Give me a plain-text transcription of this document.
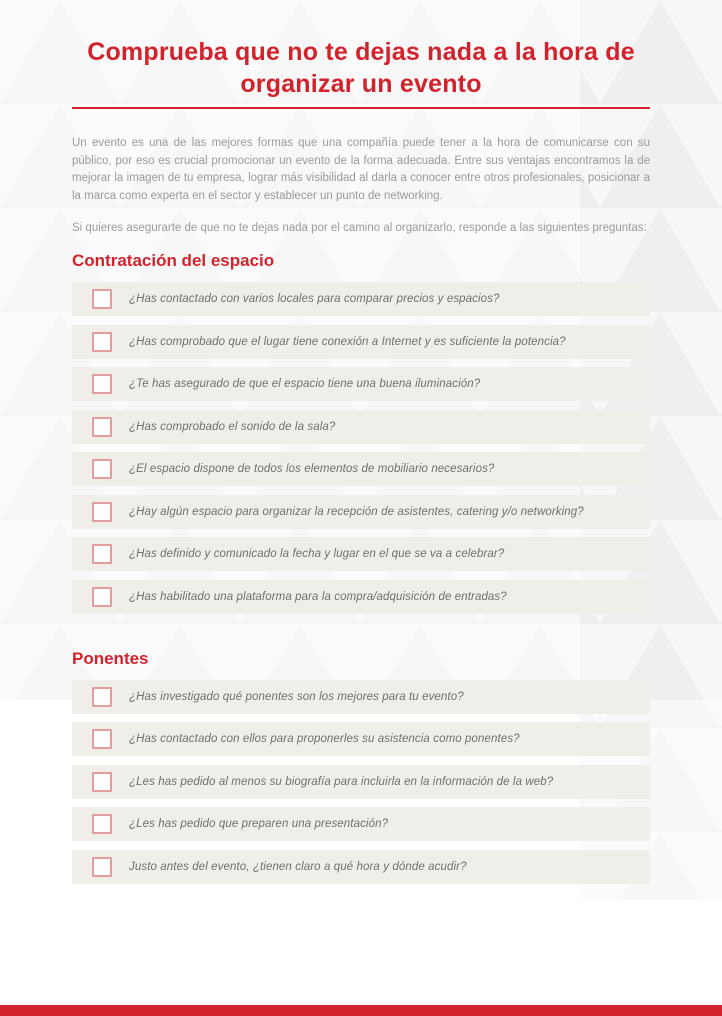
Comprueba que no te dejas nada a la hora de organizar un evento

Un evento es una de las mejores formas que una compañía puede tener a la hora de comunicarse con su público, por eso es crucial promocionar un evento de la forma adecuada. Entre sus ventajas encontramos la de mejorar la imagen de tu empresa, lograr más visibilidad al darla a conocer entre otros profesionales, posicionar a la marca como experta en el sector y establecer un punto de networking.

Si quieres asegurarte de que no te dejas nada por el camino al organizarlo, responde a las siguientes preguntas:

Contratación del espacio
¿Has contactado con varios locales para comparar precios y espacios?
¿Has comprobado que el lugar tiene conexión a Internet y es suficiente la potencia?
¿Te has asegurado de que el espacio tiene una buena iluminación?
¿Has comprobado el sonido de la sala?
¿El espacio dispone de todos los elementos de mobiliario necesarios?
¿Hay algún espacio para organizar la recepción de asistentes, catering y/o networking?
¿Has definido y comunicado la fecha y lugar en el que se va a celebrar?
¿Has habilitado una plataforma para la compra/adquisición de entradas?
Ponentes
¿Has investigado qué ponentes son los mejores para tu evento?
¿Has contactado con ellos para proponerles su asistencia como ponentes?
¿Les has pedido al menos su biografía para incluirla en la información de la web?
¿Les has pedido que preparen una presentación?
Justo antes del evento, ¿tienen claro a qué hora y dónde acudir?
